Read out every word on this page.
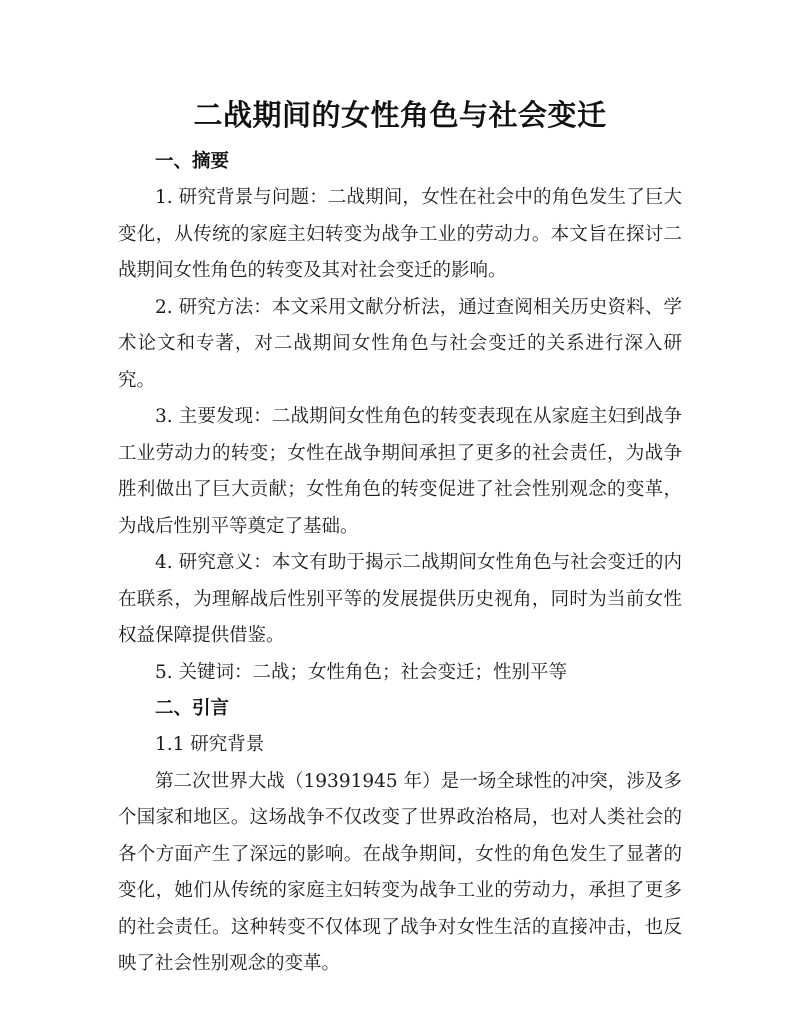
二战期间的女性角色与社会变迁
一、摘要

1. 研究背景与问题：二战期间，女性在社会中的角色发生了巨大变化，从传统的家庭主妇转变为战争工业的劳动力。本文旨在探讨二战期间女性角色的转变及其对社会变迁的影响。

2. 研究方法：本文采用文献分析法，通过查阅相关历史资料、学术论文和专著，对二战期间女性角色与社会变迁的关系进行深入研究。

3. 主要发现：二战期间女性角色的转变表现在从家庭主妇到战争工业劳动力的转变；女性在战争期间承担了更多的社会责任，为战争胜利做出了巨大贡献；女性角色的转变促进了社会性别观念的变革，为战后性别平等奠定了基础。

4. 研究意义：本文有助于揭示二战期间女性角色与社会变迁的内在联系，为理解战后性别平等的发展提供历史视角，同时为当前女性权益保障提供借鉴。

5. 关键词：二战；女性角色；社会变迁；性别平等

二、引言

1.1 研究背景

第二次世界大战（19391945 年）是一场全球性的冲突，涉及多个国家和地区。这场战争不仅改变了世界政治格局，也对人类社会的各个方面产生了深远的影响。在战争期间，女性的角色发生了显著的变化，她们从传统的家庭主妇转变为战争工业的劳动力，承担了更多的社会责任。这种转变不仅体现了战争对女性生活的直接冲击，也反映了社会性别观念的变革。
